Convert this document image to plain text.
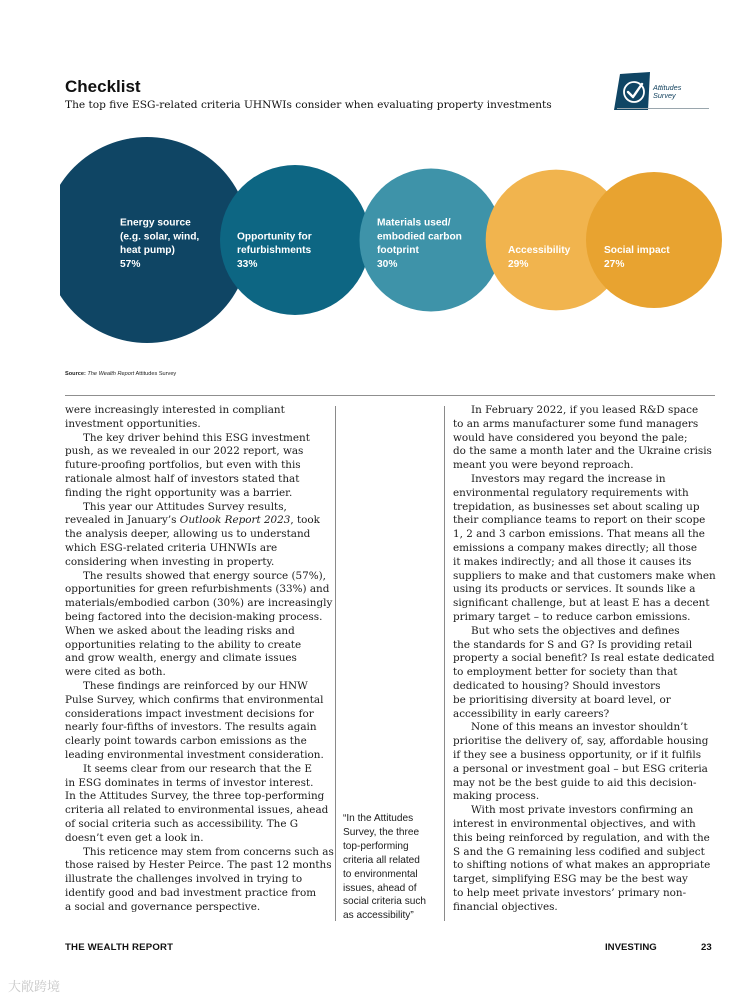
Checklist
The top five ESG-related criteria UHNWIs consider when evaluating property investments
Attitudes
Survey
Energy source
(e.g. solar, wind,
heat pump)
57%
Opportunity for
refurbishments
33%
Materials used/
embodied carbon
footprint
30%
Accessibility
29%
Social impact
27%
Source: The Wealth Report Attitudes Survey

were increasingly interested in compliant

investment opportunities.

The key driver behind this ESG investment

push, as we revealed in our 2022 report, was

future-proofing portfolios, but even with this

rationale almost half of investors stated that

finding the right opportunity was a barrier.

This year our Attitudes Survey results,

revealed in January’s Outlook Report 2023, took

the analysis deeper, allowing us to understand

which ESG-related criteria UHNWIs are

considering when investing in property.

The results showed that energy source (57%),

opportunities for green refurbishments (33%) and

materials/embodied carbon (30%) are increasingly

being factored into the decision-making process.

When we asked about the leading risks and

opportunities relating to the ability to create

and grow wealth, energy and climate issues

were cited as both.

These findings are reinforced by our HNW

Pulse Survey, which confirms that environmental

considerations impact investment decisions for

nearly four-fifths of investors. The results again

clearly point towards carbon emissions as the

leading environmental investment consideration.

It seems clear from our research that the E

in ESG dominates in terms of investor interest.

In the Attitudes Survey, the three top-performing

criteria all related to environmental issues, ahead

of social criteria such as accessibility. The G

doesn’t even get a look in.

This reticence may stem from concerns such as

those raised by Hester Peirce. The past 12 months

illustrate the challenges involved in trying to

identify good and bad investment practice from

a social and governance perspective.

“In the Attitudes
Survey, the three
top-performing
criteria all related
to environmental
issues, ahead of
social criteria such
as accessibility”

In February 2022, if you leased R&D space

to an arms manufacturer some fund managers

would have considered you beyond the pale;

do the same a month later and the Ukraine crisis

meant you were beyond reproach.

Investors may regard the increase in

environmental regulatory requirements with

trepidation, as businesses set about scaling up

their compliance teams to report on their scope

1, 2 and 3 carbon emissions. That means all the

emissions a company makes directly; all those

it makes indirectly; and all those it causes its

suppliers to make and that customers make when

using its products or services. It sounds like a

significant challenge, but at least E has a decent

primary target – to reduce carbon emissions.

But who sets the objectives and defines

the standards for S and G? Is providing retail

property a social benefit? Is real estate dedicated

to employment better for society than that

dedicated to housing? Should investors

be prioritising diversity at board level, or

accessibility in early careers?

None of this means an investor shouldn’t

prioritise the delivery of, say, affordable housing

if they see a business opportunity, or if it fulfils

a personal or investment goal – but ESG criteria

may not be the best guide to aid this decision-

making process.

With most private investors confirming an

interest in environmental objectives, and with

this being reinforced by regulation, and with the

S and the G remaining less codified and subject

to shifting notions of what makes an appropriate

target, simplifying ESG may be the best way

to help meet private investors’ primary non-

financial objectives.

THE WEALTH REPORT	INVESTING	23
大敞跨境
